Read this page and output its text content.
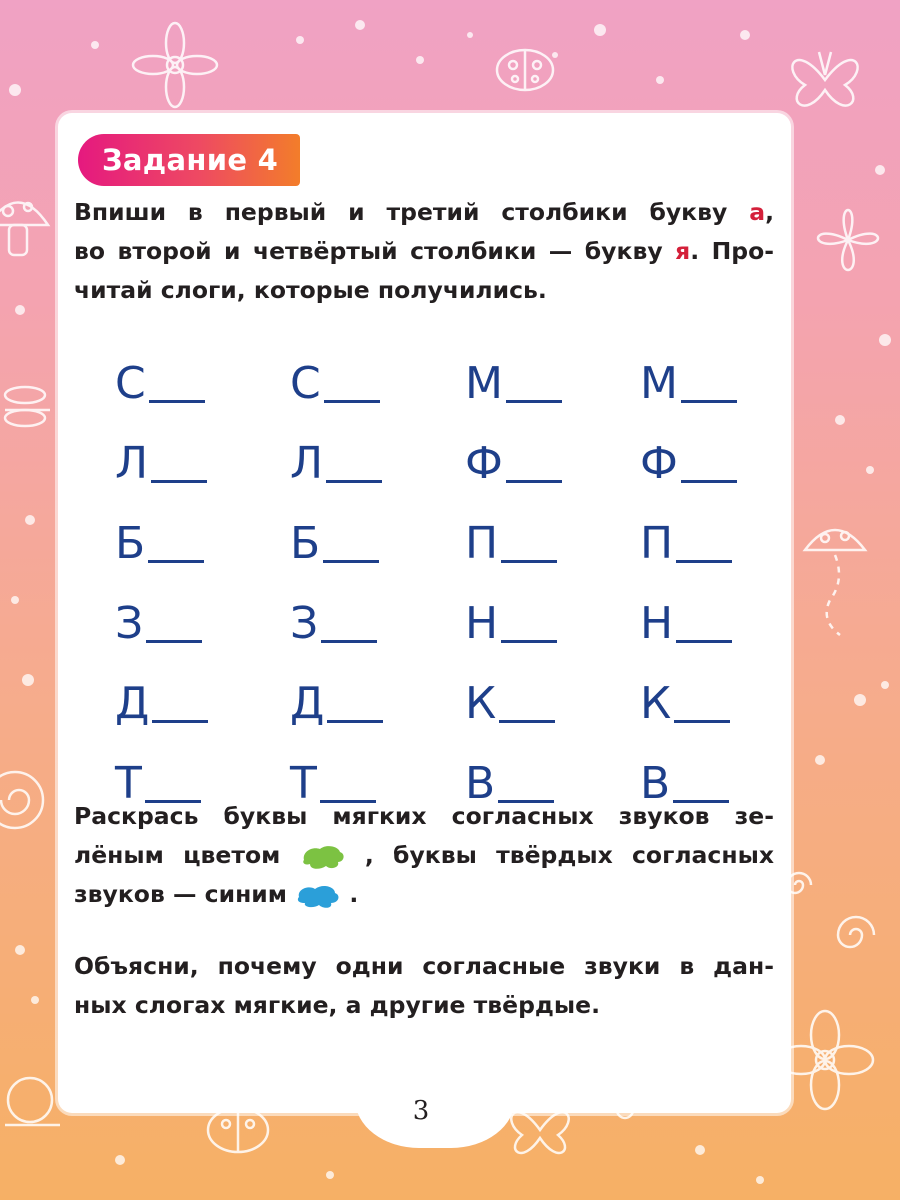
Задание 4
Впиши в первый и третий столбики букву а,
во второй и четвёртый столбики — букву я. Про-
читай слоги, которые получились.
С	С	М	М
Л	Л	Ф	Ф
Б	Б	П	П
З	З	Н	Н
Д	Д	К	К
Т	Т	В	В
Раскрась буквы мягких согласных звуков зе-
лёным цветом	, буквы твёрдых согласных
звуков — синим	.
Объясни, почему одни согласные звуки в дан-
ных слогах мягкие, а другие твёрдые.
3
